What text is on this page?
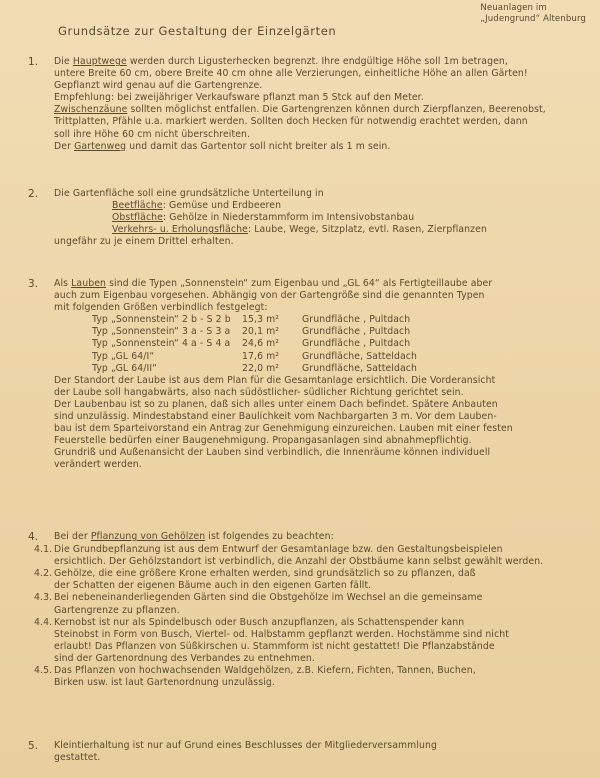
Neuanlagen im
„Judengrund“ Altenburg
Grundsätze zur Gestaltung der Einzelgärten
1. Die Hauptwege werden durch Ligusterhecken begrenzt. Ihre endgültige Höhe soll 1m betragen,
untere Breite 60 cm, obere Breite 40 cm ohne alle Verzierungen, einheitliche Höhe an allen Gärten!
Gepflanzt wird genau auf die Gartengrenze.
Empfehlung: bei zweijähriger Verkaufsware pflanzt man 5 Stck auf den Meter.
Zwischenzäune sollten möglichst entfallen. Die Gartengrenzen können durch Zierpflanzen, Beerenobst,
Trittplatten, Pfähle u.a. markiert werden. Sollten doch Hecken für notwendig erachtet werden, dann
soll ihre Höhe 60 cm nicht überschreiten.
Der Gartenweg und damit das Gartentor soll nicht breiter als 1 m sein.
2. Die Gartenfläche soll eine grundsätzliche Unterteilung in
Beetfläche: Gemüse und Erdbeeren
Obstfläche: Gehölze in Niederstammform im Intensivobstanbau
Verkehrs- u. Erholungsfläche: Laube, Wege, Sitzplatz, evtl. Rasen, Zierpflanzen
ungefähr zu je einem Drittel erhalten.
3. Als Lauben sind die Typen „Sonnenstein“ zum Eigenbau und „GL 64“ als Fertigteillaube aber
auch zum Eigenbau vorgesehen. Abhängig von der Gartengröße sind die genannten Typen
mit folgenden Größen verbindlich festgelegt:
Typ „Sonnenstein“ 2 b - S 2 b	15,3 m²	Grundfläche , Pultdach
Typ „Sonnenstein“ 3 a - S 3 a	20,1 m²	Grundfläche , Pultdach
Typ „Sonnenstein“ 4 a - S 4 a	24,6 m²	Grundfläche , Pultdach
Typ „GL 64/I“	17,6 m²	Grundfläche, Satteldach
Typ „GL 64/II“	22,0 m²	Grundfläche, Satteldach
Der Standort der Laube ist aus dem Plan für die Gesamtanlage ersichtlich. Die Vorderansicht
der Laube soll hangabwärts, also nach südöstlicher- südlicher Richtung gerichtet sein.
Der Laubenbau ist so zu planen, daß sich alles unter einem Dach befindet. Spätere Anbauten
sind unzulässig. Mindestabstand einer Baulichkeit vom Nachbargarten 3 m. Vor dem Lauben-
bau ist dem Sparteivorstand ein Antrag zur Genehmigung einzureichen. Lauben mit einer festen
Feuerstelle bedürfen einer Baugenehmigung. Propangasanlagen sind abnahmepflichtig.
Grundriß und Außenansicht der Lauben sind verbindlich, die Innenräume können individuell
verändert werden.
4. Bei der Pflanzung von Gehölzen ist folgendes zu beachten:
4.1. Die Grundbepflanzung ist aus dem Entwurf der Gesamtanlage bzw. den Gestaltungsbeispielen
ersichtlich. Der Gehölzstandort ist verbindlich, die Anzahl der Obstbäume kann selbst gewählt werden.
4.2. Gehölze, die eine größere Krone erhalten werden, sind grundsätzlich so zu pflanzen, daß
der Schatten der eigenen Bäume auch in den eigenen Garten fällt.
4.3. Bei nebeneinanderliegenden Gärten sind die Obstgehölze im Wechsel an die gemeinsame
Gartengrenze zu pflanzen.
4.4. Kernobst ist nur als Spindelbusch oder Busch anzupflanzen, als Schattenspender kann
Steinobst in Form von Busch, Viertel- od. Halbstamm gepflanzt werden. Hochstämme sind nicht
erlaubt! Das Pflanzen von Süßkirschen u. Stammform ist nicht gestattet! Die Pflanzabstände
sind der Gartenordnung des Verbandes zu entnehmen.
4.5. Das Pflanzen von hochwachsenden Waldgehölzen, z.B. Kiefern, Fichten, Tannen, Buchen,
Birken usw. ist laut Gartenordnung unzulässig.
5. Kleintierhaltung ist nur auf Grund eines Beschlusses der Mitgliederversammlung
gestattet.
